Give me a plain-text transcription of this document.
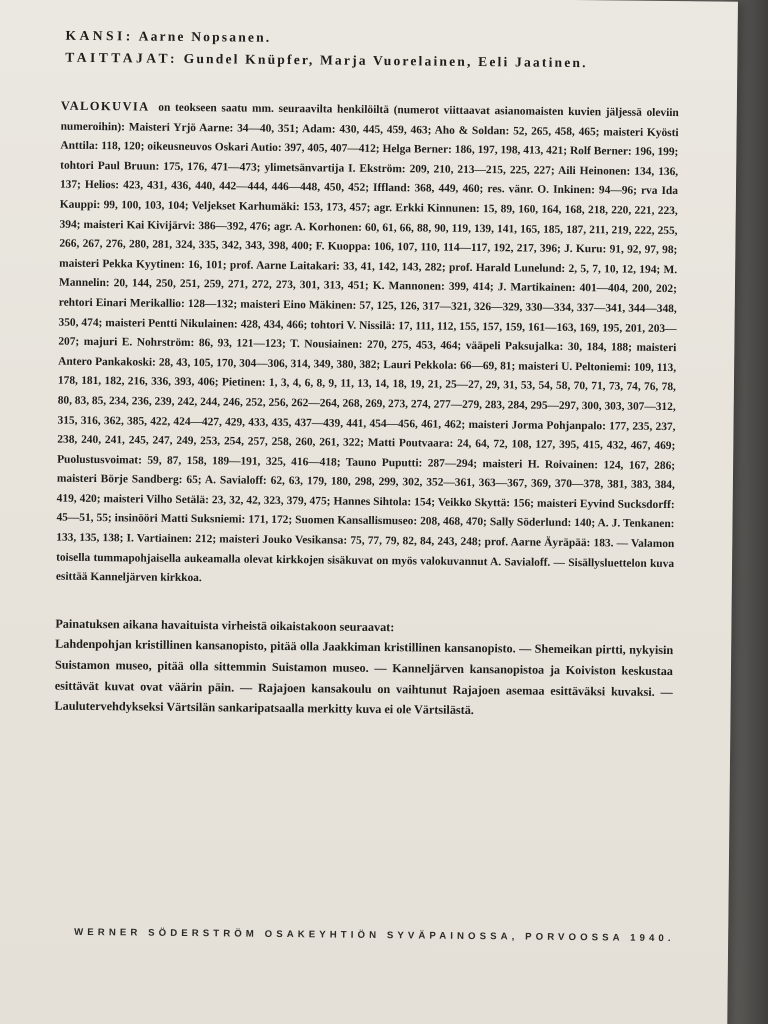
KANSI: Aarne Nopsanen.
TAITTAJAT: Gundel Knüpfer, Marja Vuorelainen, Eeli Jaatinen.
VALOKUVIA on teokseen saatu mm. seuraavilta henkilöiltä (numerot viittaavat asianomaisten kuvien jäljessä oleviin numeroihin): Maisteri Yrjö Aarne: 34—40, 351; Adam: 430, 445, 459, 463; Aho & Soldan: 52, 265, 458, 465; maisteri Kyösti Anttila: 118, 120; oikeusneuvos Oskari Autio: 397, 405, 407—412; Helga Berner: 186, 197, 198, 413, 421; Rolf Berner: 196, 199; tohtori Paul Bruun: 175, 176, 471—473; ylimetsänvartija I. Ekström: 209, 210, 213—215, 225, 227; Aili Heinonen: 134, 136, 137; Helios: 423, 431, 436, 440, 442—444, 446—448, 450, 452; Iffland: 368, 449, 460; res. vänr. O. Inkinen: 94—96; rva Ida Kauppi: 99, 100, 103, 104; Veljekset Karhumäki: 153, 173, 457; agr. Erkki Kinnunen: 15, 89, 160, 164, 168, 218, 220, 221, 223, 394; maisteri Kai Kivijärvi: 386—392, 476; agr. A. Korhonen: 60, 61, 66, 88, 90, 119, 139, 141, 165, 185, 187, 211, 219, 222, 255, 266, 267, 276, 280, 281, 324, 335, 342, 343, 398, 400; F. Kuoppa: 106, 107, 110, 114—117, 192, 217, 396; J. Kuru: 91, 92, 97, 98; maisteri Pekka Kyytinen: 16, 101; prof. Aarne Laitakari: 33, 41, 142, 143, 282; prof. Harald Lunelund: 2, 5, 7, 10, 12, 194; M. Mannelin: 20, 144, 250, 251, 259, 271, 272, 273, 301, 313, 451; K. Mannonen: 399, 414; J. Martikainen: 401—404, 200, 202; rehtori Einari Merikallio: 128—132; maisteri Eino Mäkinen: 57, 125, 126, 317—321, 326—329, 330—334, 337—341, 344—348, 350, 474; maisteri Pentti Nikulainen: 428, 434, 466; tohtori V. Nissilä: 17, 111, 112, 155, 157, 159, 161—163, 169, 195, 201, 203—207; majuri E. Nohrström: 86, 93, 121—123; T. Nousiainen: 270, 275, 453, 464; vääpeli Paksujalka: 30, 184, 188; maisteri Antero Pankakoski: 28, 43, 105, 170, 304—306, 314, 349, 380, 382; Lauri Pekkola: 66—69, 81; maisteri U. Peltoniemi: 109, 113, 178, 181, 182, 216, 336, 393, 406; Pietinen: 1, 3, 4, 6, 8, 9, 11, 13, 14, 18, 19, 21, 25—27, 29, 31, 53, 54, 58, 70, 71, 73, 74, 76, 78, 80, 83, 85, 234, 236, 239, 242, 244, 246, 252, 256, 262—264, 268, 269, 273, 274, 277—279, 283, 284, 295—297, 300, 303, 307—312, 315, 316, 362, 385, 422, 424—427, 429, 433, 435, 437—439, 441, 454—456, 461, 462; maisteri Jorma Pohjanpalo: 177, 235, 237, 238, 240, 241, 245, 247, 249, 253, 254, 257, 258, 260, 261, 322; Matti Poutvaara: 24, 64, 72, 108, 127, 395, 415, 432, 467, 469; Puolustusvoimat: 59, 87, 158, 189—191, 325, 416—418; Tauno Puputti: 287—294; maisteri H. Roivainen: 124, 167, 286; maisteri Börje Sandberg: 65; A. Savialoff: 62, 63, 179, 180, 298, 299, 302, 352—361, 363—367, 369, 370—378, 381, 383, 384, 419, 420; maisteri Vilho Setälä: 23, 32, 42, 323, 379, 475; Hannes Sihtola: 154; Veikko Skyttä: 156; maisteri Eyvind Sucksdorff: 45—51, 55; insinööri Matti Suksniemi: 171, 172; Suomen Kansallismuseo: 208, 468, 470; Sally Söderlund: 140; A. J. Tenkanen: 133, 135, 138; I. Vartiainen: 212; maisteri Jouko Vesikansa: 75, 77, 79, 82, 84, 243, 248; prof. Aarne Äyräpää: 183. — Valamon toisella tummapohjaisella aukeamalla olevat kirkkojen sisäkuvat on myös valokuvannut A. Savialoff. — Sisällysluettelon kuva esittää Kanneljärven kirkkoa.
Painatuksen aikana havaituista virheistä oikaistakoon seuraavat:
Lahdenpohjan kristillinen kansanopisto, pitää olla Jaakkiman kristillinen kansanopisto. — Shemeikan pirtti, nykyisin Suistamon museo, pitää olla sittemmin Suistamon museo. — Kanneljärven kansanopistoa ja Koiviston keskustaa esittävät kuvat ovat väärin päin. — Rajajoen kansakoulu on vaihtunut Rajajoen asemaa esittäväksi kuvaksi. — Laulutervehdykseksi Värtsilän sankaripatsaalla merkitty kuva ei ole Värtsilästä.
WERNER SÖDERSTRÖM OSAKEYHTIÖN SYVÄPAINOSSA, PORVOOSSA 1940.
